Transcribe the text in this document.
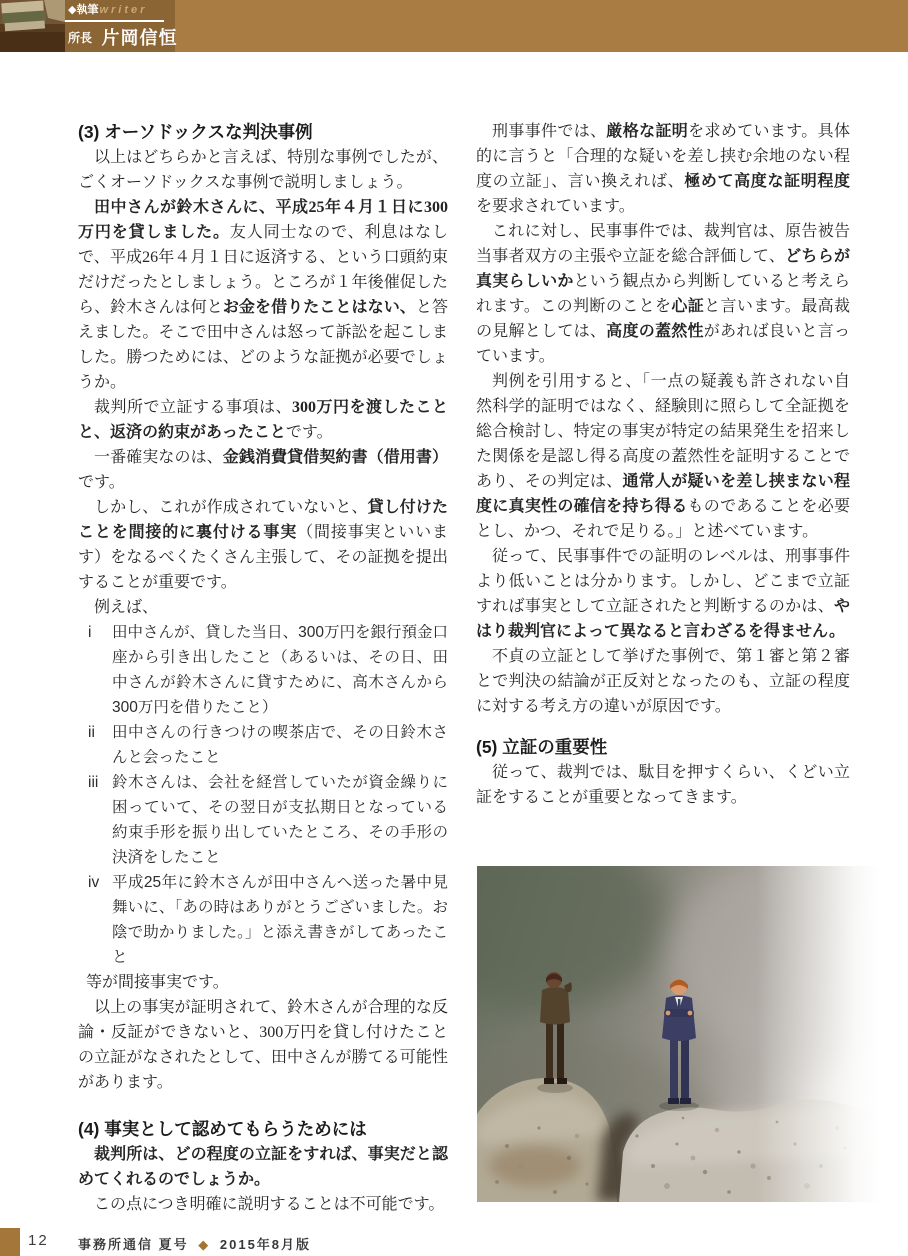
◆執筆writer
所長 片岡信恒
カタオカ ノブツネ
(3) オーソドックスな判決事例

以上はどちらかと言えば、特別な事例でしたが、ごくオーソドックスな事例で説明しましょう。

田中さんが鈴木さんに、平成25年４月１日に300万円を貸しました。友人同士なので、利息はなしで、平成26年４月１日に返済する、という口頭約束だけだったとしましょう。ところが１年後催促したら、鈴木さんは何とお金を借りたことはない、と答えました。そこで田中さんは怒って訴訟を起こしました。勝つためには、どのような証拠が必要でしょうか。

裁判所で立証する事項は、300万円を渡したことと、返済の約束があったことです。

一番確実なのは、金銭消費貸借契約書（借用書）です。

しかし、これが作成されていないと、貸し付けたことを間接的に裏付ける事実（間接事実といいます）をなるべくたくさん主張して、その証拠を提出することが重要です。

例えば、

i 田中さんが、貸した当日、300万円を銀行預金口座から引き出したこと（あるいは、その日、田中さんが鈴木さんに貸すために、高木さんから300万円を借りたこと）

ii 田中さんの行きつけの喫茶店で、その日鈴木さんと会ったこと

iii 鈴木さんは、会社を経営していたが資金繰りに困っていて、その翌日が支払期日となっている約束手形を振り出していたところ、その手形の決済をしたこと

iv 平成25年に鈴木さんが田中さんへ送った暑中見舞いに、「あの時はありがとうございました。お陰で助かりました。」と添え書きがしてあったこと

等が間接事実です。

以上の事実が証明されて、鈴木さんが合理的な反論・反証ができないと、300万円を貸し付けたことの立証がなされたとして、田中さんが勝てる可能性があります。

(4) 事実として認めてもらうためには

裁判所は、どの程度の立証をすれば、事実だと認めてくれるのでしょうか。

この点につき明確に説明することは不可能です。

刑事事件では、厳格な証明を求めています。具体的に言うと「合理的な疑いを差し挟む余地のない程度の立証」、言い換えれば、極めて高度な証明程度を要求されています。

これに対し、民事事件では、裁判官は、原告被告当事者双方の主張や立証を総合評価して、どちらが真実らしいかという観点から判断していると考えられます。この判断のことを心証と言います。最高裁の見解としては、高度の蓋然性があれば良いと言っています。

判例を引用すると、「一点の疑義も許されない自然科学的証明ではなく、経験則に照らして全証拠を総合検討し、特定の事実が特定の結果発生を招来した関係を是認し得る高度の蓋然性を証明することであり、その判定は、通常人が疑いを差し挟まない程度に真実性の確信を持ち得るものであることを必要とし、かつ、それで足りる。」と述べています。

従って、民事事件での証明のレベルは、刑事事件より低いことは分かります。しかし、どこまで立証すれば事実として立証されたと判断するのかは、やはり裁判官によって異なると言わざるを得ません。

不貞の立証として挙げた事例で、第１審と第２審とで判決の結論が正反対となったのも、立証の程度に対する考え方の違いが原因です。

(5) 立証の重要性

従って、裁判では、駄目を押すくらい、くどい立証をすることが重要となってきます。

12 事務所通信 夏号 ◆ 2015年8月版
